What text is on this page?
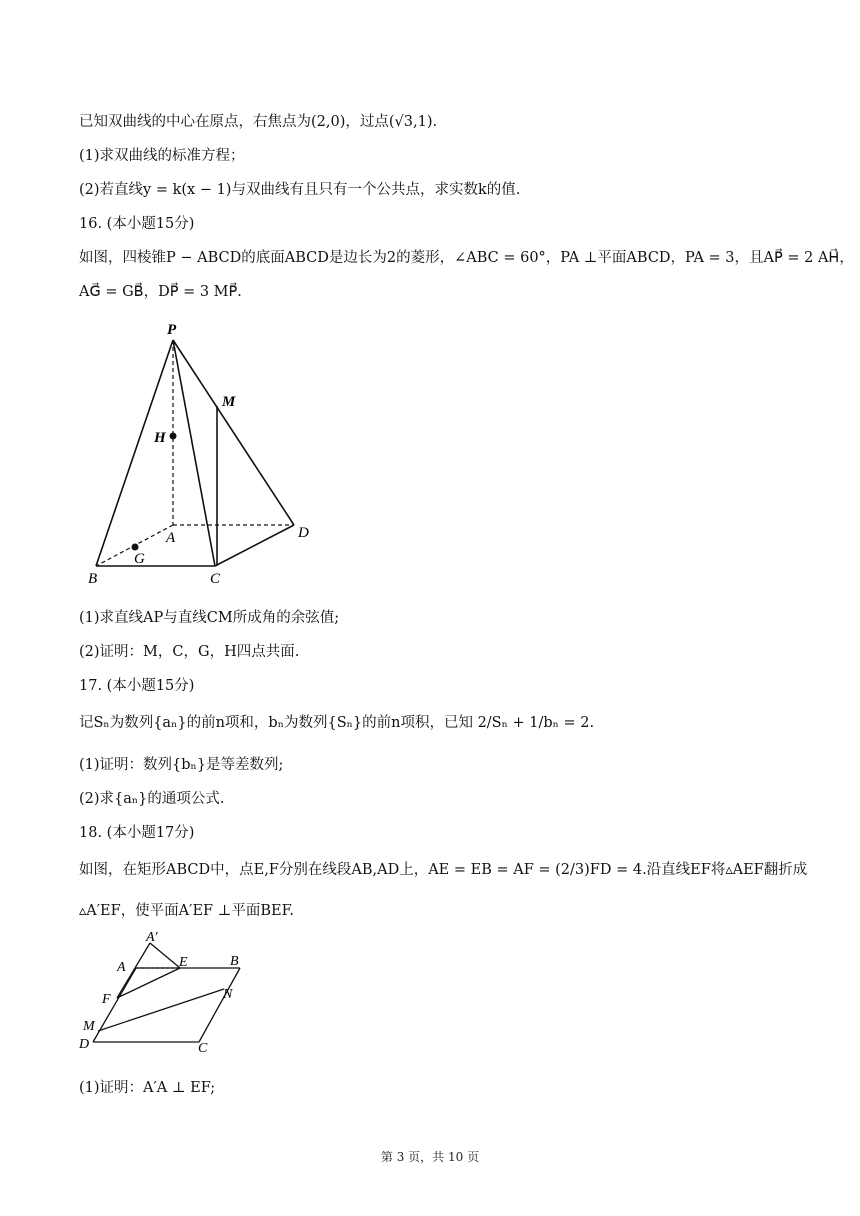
已知双曲线的中心在原点，右焦点为(2,0)，过点(√3,1).
(1)求双曲线的标准方程；
(2)若直线y = k(x − 1)与双曲线有且只有一个公共点，求实数k的值.
16. (本小题15分)
如图，四棱锥P − ABCD的底面ABCD是边长为2的菱形，∠ABC = 60°，PA ⊥平面ABCD，PA = 3，且AP⃗ = 2 AH⃗，
AG⃗ = GB⃗，DP⃗ = 3 MP⃗.
P
M
H
A	D
G
B	C
(1)求直线AP与直线CM所成角的余弦值;
(2)证明：M，C，G，H四点共面.
17. (本小题15分)
记Sₙ为数列{aₙ}的前n项和，bₙ为数列{Sₙ}的前n项积，已知 2/Sₙ + 1/bₙ = 2.
(1)证明：数列{bₙ}是等差数列;
(2)求{aₙ}的通项公式.
18. (本小题17分)
如图，在矩形ABCD中，点E,F分别在线段AB,AD上，AE = EB = AF = (2/3)FD = 4.沿直线EF将▵AEF翻折成
▵A′EF，使平面A′EF ⊥平面BEF.
A′
A	E	B
F	N
M
D	C
(1)证明：A′A ⊥ EF;
第 3 页，共 10 页
